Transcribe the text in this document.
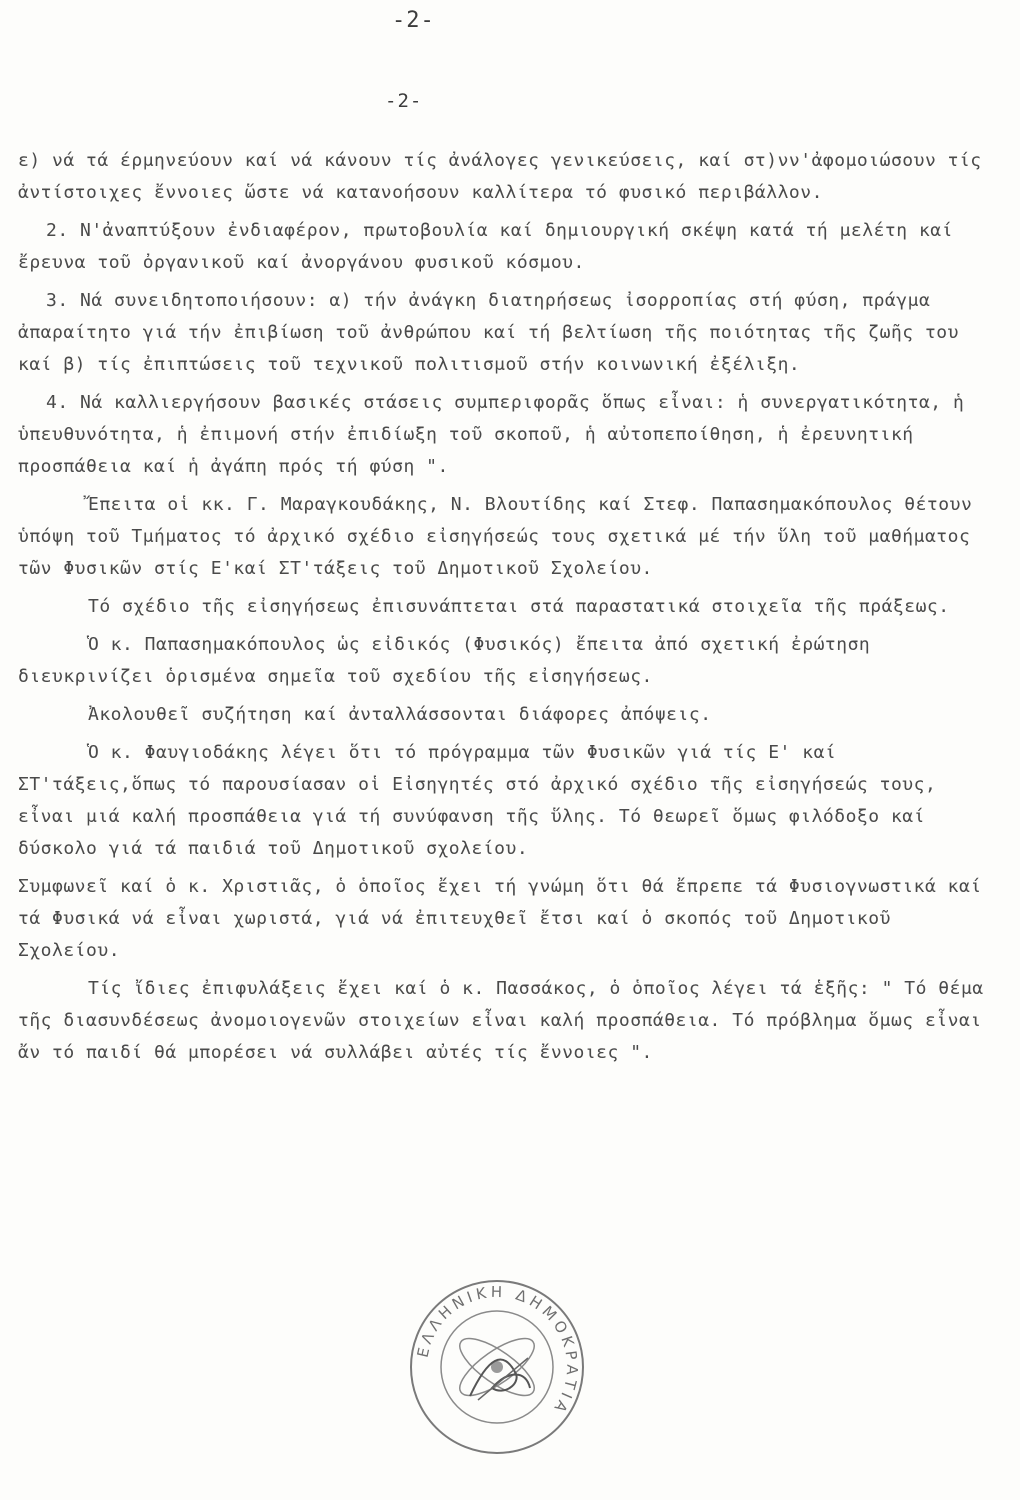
-2-
-2-

ε) νά τά έρμηνεύουν καί νά κάνουν τίς ἀνάλογες γενικεύσεις, καί στ)νν'ἀφομοιώσουν τίς ἀντίστοιχες ἔννοιες ὥστε νά κατανοήσουν καλλίτερα τό φυσικό περιβάλλον.

2. Ν'ἀναπτύξουν ἐνδιαφέρον, πρωτοβουλία καί δημιουργική σκέψη κατά τή μελέτη καί ἔρευνα τοῦ ὀργανικοῦ καί ἀνοργάνου φυσικοῦ κόσμου.

3. Νά συνειδητοποιήσουν: α) τήν ἀνάγκη διατηρήσεως ἰσορροπίας στή φύση, πράγμα ἀπαραίτητο γιά τήν ἐπιβίωση τοῦ ἀνθρώπου καί τή βελτίωση τῆς ποιότητας τῆς ζωῆς του καί β) τίς ἐπιπτώσεις τοῦ τεχνικοῦ πολιτισμοῦ στήν κοινωνική ἐξέλιξη.

4. Νά καλλιεργήσουν βασικές στάσεις συμπεριφορᾶς ὅπως εἶναι: ἡ συνεργατικότητα, ἡ ὑπευθυνότητα, ἡ ἐπιμονή στήν ἐπιδίωξη τοῦ σκοποῦ, ἡ αὐτοπεποίθηση, ἡ ἐρευνητική προσπάθεια καί ἡ ἀγάπη πρός τή φύση ".

Ἔπειτα οἱ κκ. Γ. Μαραγκουδάκης, Ν. Βλουτίδης καί Στεφ. Παπασημακόπουλος θέτουν ὑπόψη τοῦ Τμήματος τό ἀρχικό σχέδιο εἰσηγήσεώς τους σχετικά μέ τήν ὕλη τοῦ μαθήματος τῶν Φυσικῶν στίς Ε'καί ΣΤ'τάξεις τοῦ Δημοτικοῦ Σχολείου.

Τό σχέδιο τῆς εἰσηγήσεως ἐπισυνάπτεται στά παραστατικά στοιχεῖα τῆς πράξεως.

Ὁ κ. Παπασημακόπουλος ὡς εἰδικός (Φυσικός) ἔπειτα ἀπό σχετική ἐρώτηση διευκρινίζει ὁρισμένα σημεῖα τοῦ σχεδίου τῆς εἰσηγήσεως.

Ἀκολουθεῖ συζήτηση καί ἀνταλλάσσονται διάφορες ἀπόψεις.

Ὁ κ. Φαυγιοδάκης λέγει ὅτι τό πρόγραμμα τῶν Φυσικῶν γιά τίς Ε' καί ΣΤ'τάξεις,ὅπως τό παρουσίασαν οἱ Εἰσηγητές στό ἀρχικό σχέδιο τῆς εἰσηγήσεώς τους, εἶναι μιά καλή προσπάθεια γιά τή συνύφανση τῆς ὕλης. Τό θεωρεῖ ὅμως φιλόδοξο καί δύσκολο γιά τά παιδιά τοῦ Δημοτικοῦ σχολείου.

Συμφωνεῖ καί ὁ κ. Χριστιᾶς, ὁ ὁποῖος ἔχει τή γνώμη ὅτι θά ἔπρεπε τά Φυσιογνωστικά καί τά Φυσικά νά εἶναι χωριστά, γιά νά ἐπιτευχθεῖ ἔτσι καί ὁ σκοπός τοῦ Δημοτικοῦ Σχολείου.

Τίς ἴδιες ἐπιφυλάξεις ἔχει καί ὁ κ. Πασσάκος, ὁ ὁποῖος λέγει τά ἑξῆς: " Τό θέμα τῆς διασυνδέσεως ἀνομοιογενῶν στοιχείων εἶναι καλή προσπάθεια. Τό πρόβλημα ὅμως εἶναι ἄν τό παιδί θά μπορέσει νά συλλάβει αὐτές τίς ἔννοιες ".

ΕΛΛΗΝΙΚΗ ΔΗΜΟΚΡΑΤΙΑ
